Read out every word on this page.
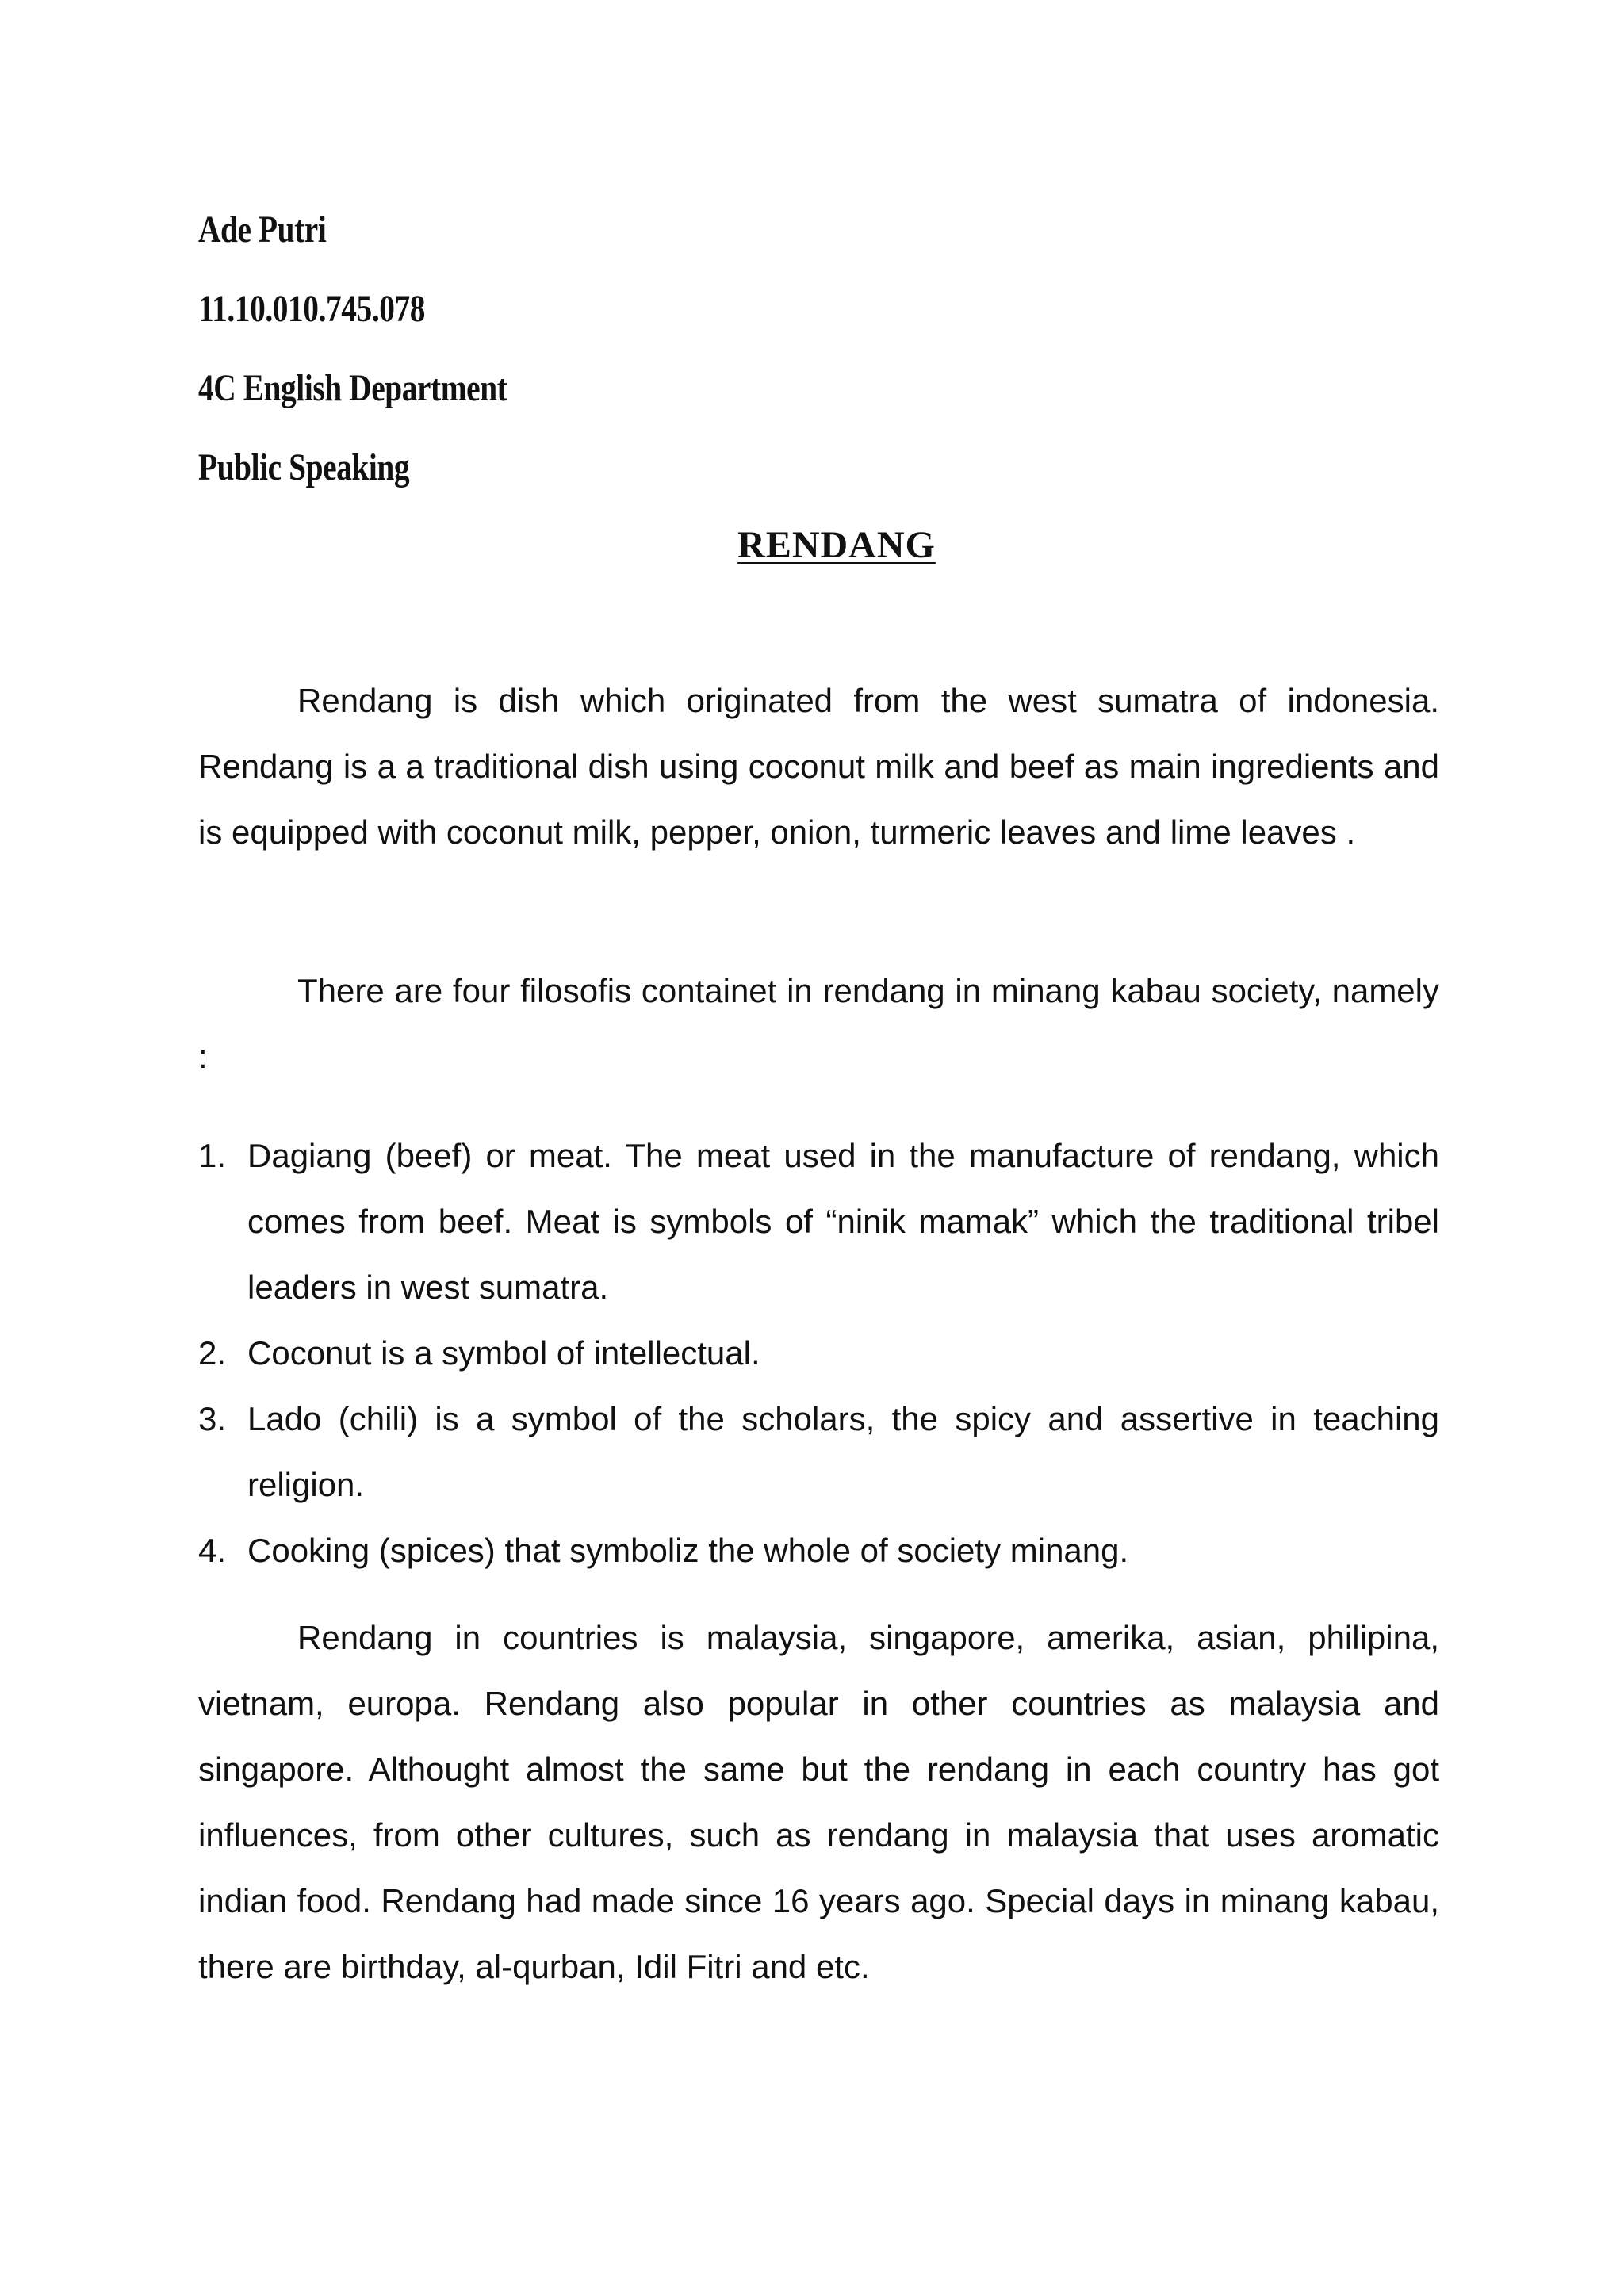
Ade Putri
11.10.010.745.078
4C English Department
Public Speaking
RENDANG

Rendang is dish which originated from the west sumatra of indonesia. Rendang is a a traditional dish using coconut milk and beef as main ingredients and is equipped with coconut milk, pepper, onion, turmeric leaves and lime leaves .

There are four filosofis containet in rendang in minang kabau society, namely :

1. Dagiang (beef) or meat. The meat used in the manufacture of rendang, which comes from beef. Meat is symbols of “ninik mamak” which the traditional tribel leaders in west sumatra.
2. Coconut is a symbol of intellectual.
3. Lado (chili) is a symbol of the scholars, the spicy and assertive in teaching religion.
4. Cooking (spices) that symboliz the whole of society minang.

Rendang in countries is malaysia, singapore, amerika, asian, philipina, vietnam, europa. Rendang also popular in other countries as malaysia and singapore. Althought almost the same but the rendang in each country has got influences, from other cultures, such as rendang in malaysia that uses aromatic indian food. Rendang had made since 16 years ago. Special days in minang kabau, there are birthday, al-qurban, Idil Fitri and etc.
